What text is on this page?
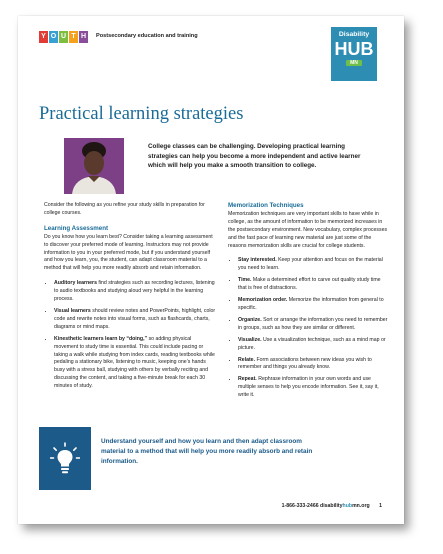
Y O U T H	Postsecondary education and training	Disability
HUB
MN
Practical learning strategies
College classes can be challenging. Developing practical learning strategies can help you become a more independent and active learner which will help you make a smooth transition to college.

Consider the following as you refine your study skills in preparation for college courses.

Learning Assessment

Do you know how you learn best? Consider taking a learning assessment to discover your preferred mode of learning. Instructors may not provide information to you in your preferred mode, but if you understand yourself and how you learn, you, the student, can adapt classroom material to a method that will help you more readily absorb and retain information.

• Auditory learners find strategies such as recording lectures, listening to audio textbooks and studying aloud very helpful in the learning process.
• Visual learners should review notes and PowerPoints, highlight, color code and rewrite notes into visual forms, such as flashcards, charts, diagrams or mind maps.
• Kinesthetic learners learn by “doing,” so adding physical movement to study time is essential. This could include pacing or taking a walk while studying from index cards, reading textbooks while pedaling a stationary bike, listening to music, keeping one’s hands busy with a stress ball, studying with others by verbally reciting and discussing the content, and taking a five-minute break for each 30 minutes of study.
Memorization Techniques

Memorization techniques are very important skills to have while in college, as the amount of information to be memorized increases in the postsecondary environment. New vocabulary, complex processes and the fast pace of learning new material are just some of the reasons memorization skills are crucial for college students.

• Stay interested. Keep your attention and focus on the material you need to learn.
• Time. Make a determined effort to carve out quality study time that is free of distractions.
• Memorization order. Memorize the information from general to specific.
• Organize. Sort or arrange the information you need to remember in groups, such as how they are similar or different.
• Visualize. Use a visualization technique, such as a mind map or picture.
• Relate. Form associations between new ideas you wish to remember and things you already know.
• Repeat. Rephrase information in your own words and use multiple senses to help you encode information. See it, say it, write it.
Understand yourself and how you learn and then adapt classroom material to a method that will help you more readily absorb and retain information.
1-866-333-2466 disabilityhubmn.org 1
